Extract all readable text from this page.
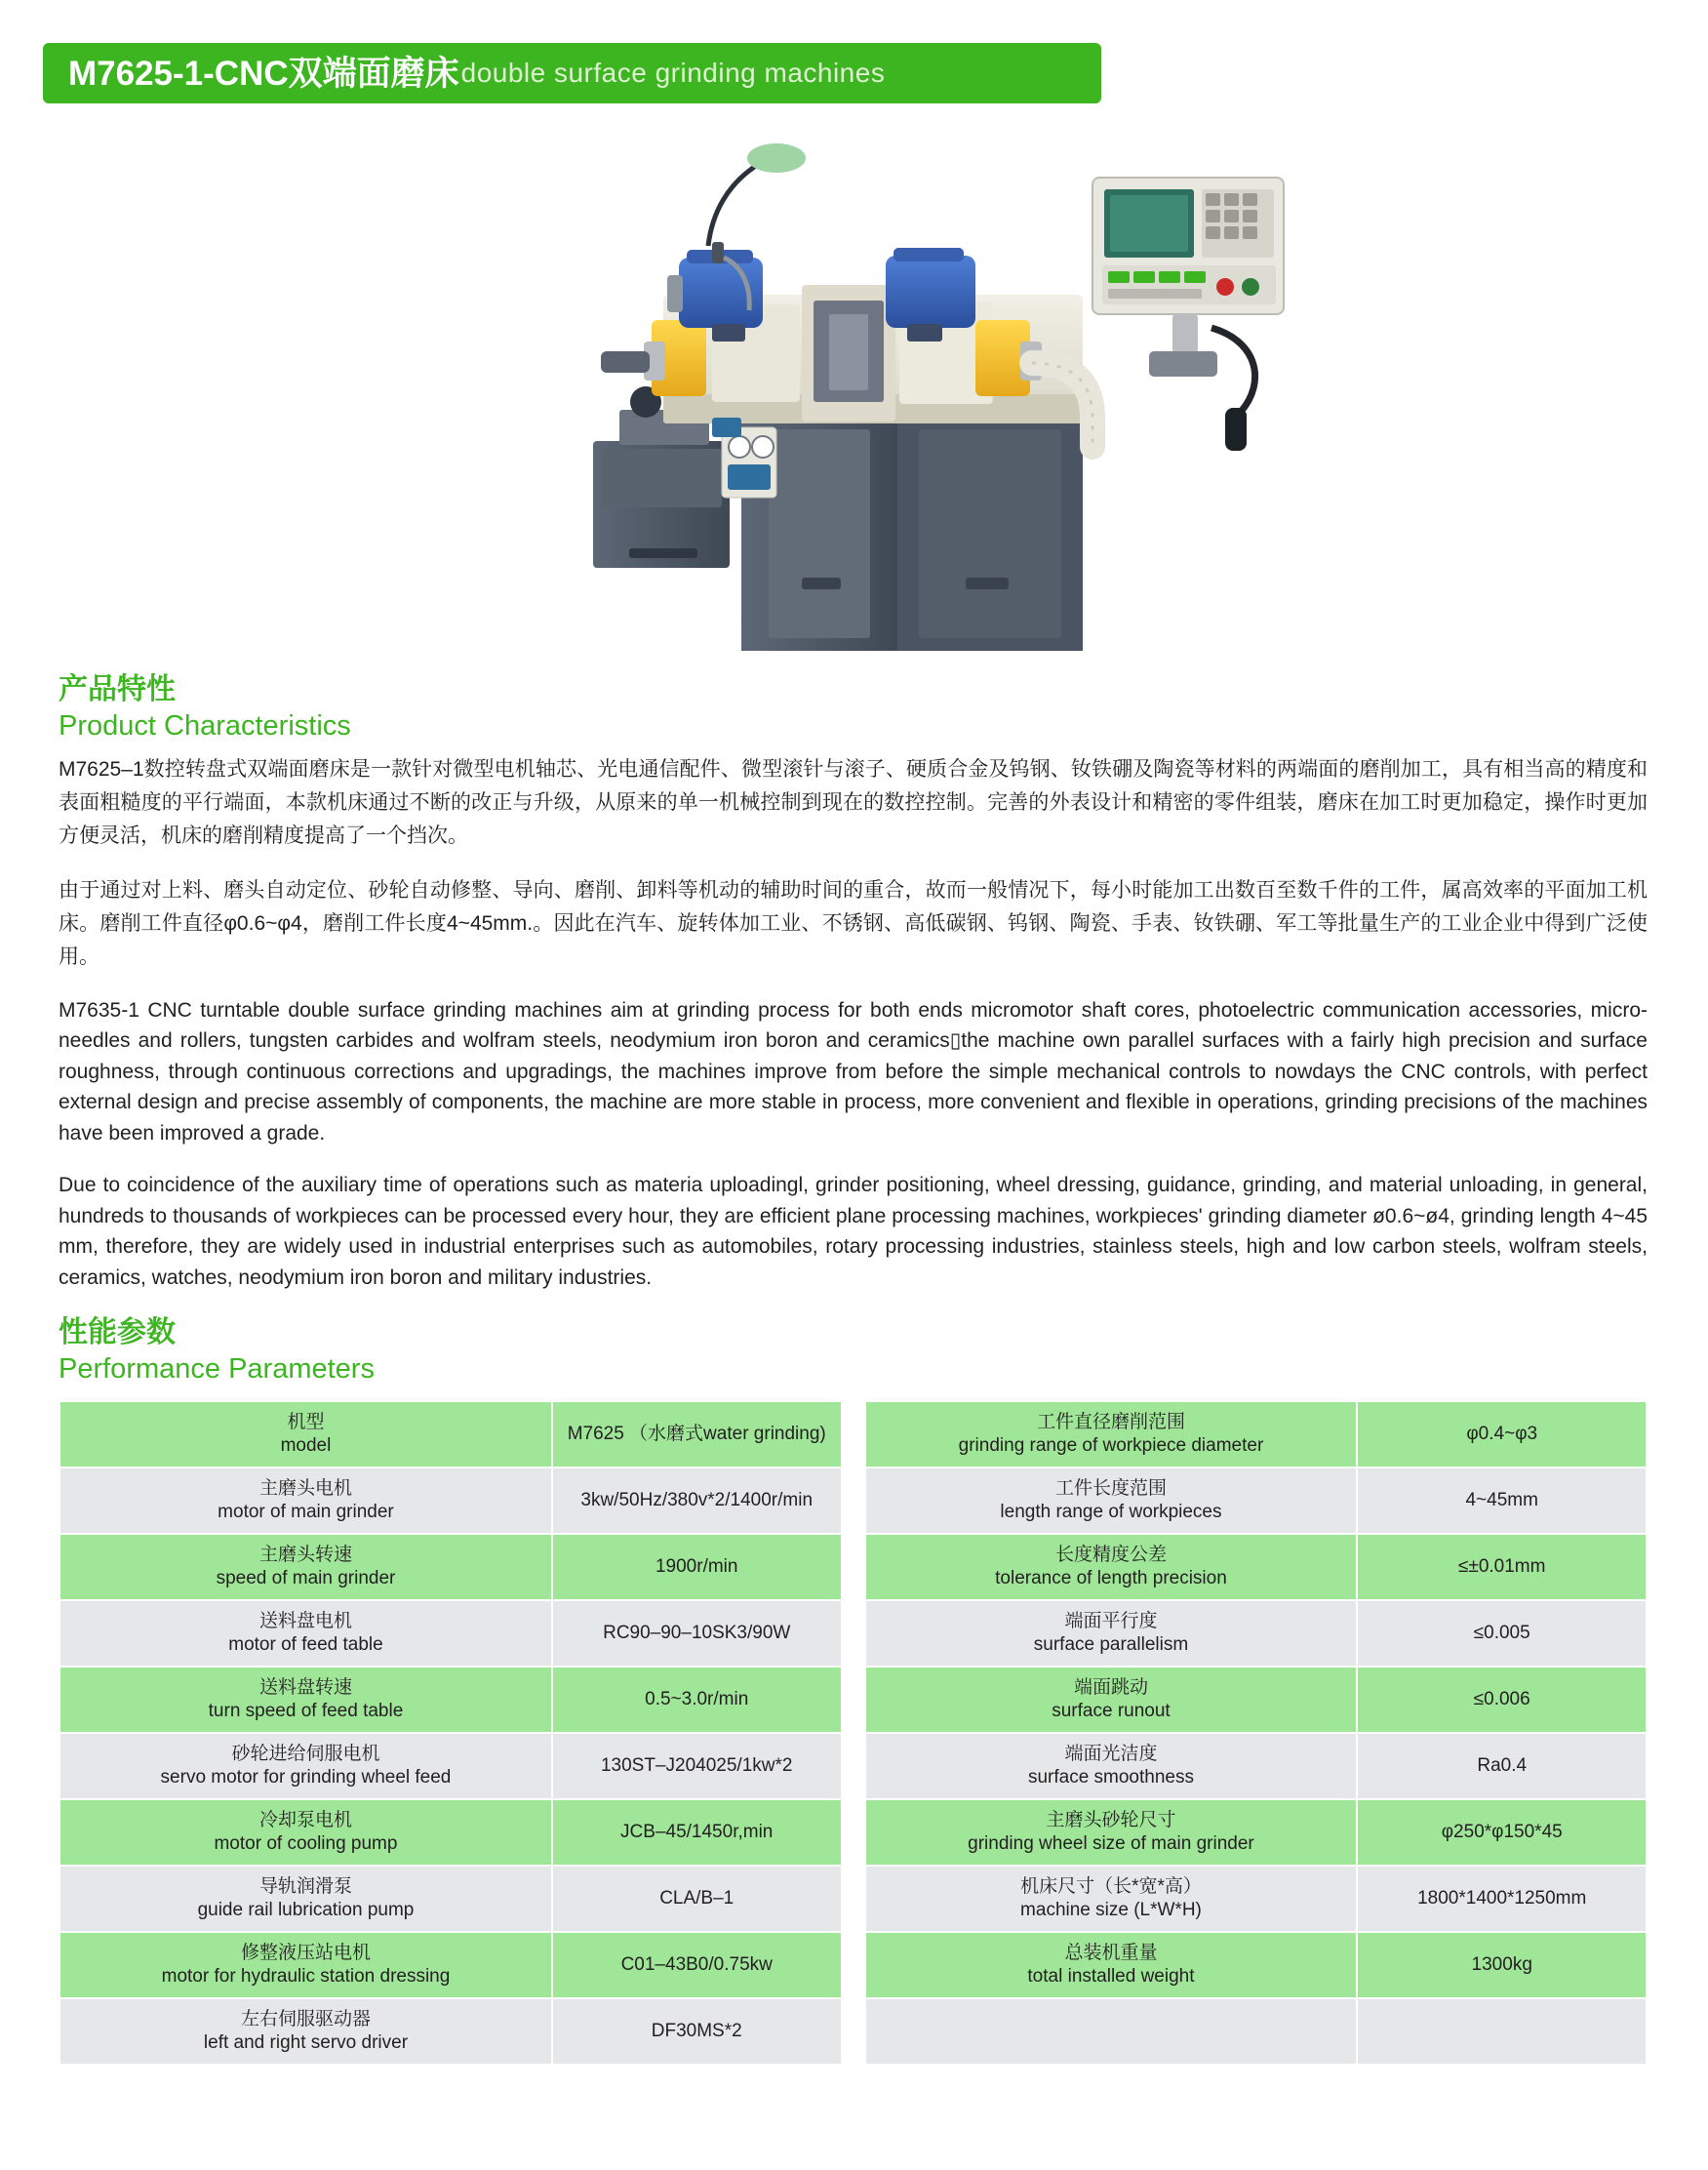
M7625-1-CNC双端面磨床 double surface grinding machines
产品特性
Product Characteristics

M7625–1数控转盘式双端面磨床是一款针对微型电机轴芯、光电通信配件、微型滚针与滚子、硬质合金及钨钢、钕铁硼及陶瓷等材料的两端面的磨削加工，具有相当高的精度和表面粗糙度的平行端面，本款机床通过不断的改正与升级，从原来的单一机械控制到现在的数控控制。完善的外表设计和精密的零件组装，磨床在加工时更加稳定，操作时更加方便灵活，机床的磨削精度提高了一个挡次。

由于通过对上料、磨头自动定位、砂轮自动修整、导向、磨削、卸料等机动的辅助时间的重合，故而一般情况下，每小时能加工出数百至数千件的工件，属高效率的平面加工机床。磨削工件直径φ0.6~φ4，磨削工件长度4~45mm.。因此在汽车、旋转体加工业、不锈钢、高低碳钢、钨钢、陶瓷、手表、钕铁硼、军工等批量生产的工业企业中得到广泛使用。

M7635-1 CNC turntable double surface grinding machines aim at grinding process for both ends micromotor shaft cores, photoelectric communication accessories, micro-needles and rollers, tungsten carbides and wolfram steels, neodymium iron boron and ceramics▯the machine own parallel surfaces with a fairly high precision and surface roughness, through continuous corrections and upgradings, the machines improve from before the simple mechanical controls to nowdays the CNC controls, with perfect external design and precise assembly of components, the machine are more stable in process, more convenient and flexible in operations, grinding precisions of the machines have been improved a grade.

Due to coincidence of the auxiliary time of operations such as materia uploadingl, grinder positioning, wheel dressing, guidance, grinding, and material unloading, in general, hundreds to thousands of workpieces can be processed every hour, they are efficient plane processing machines, workpieces' grinding diameter ø0.6~ø4, grinding length 4~45 mm, therefore, they are widely used in industrial enterprises such as automobiles, rotary processing industries, stainless steels, high and low carbon steels, wolfram steels, ceramics, watches, neodymium iron boron and military industries.

性能参数
Performance Parameters
机型
model	M7625 （水磨式water grinding)

主磨头电机
motor of main grinder	3kw/50Hz/380v*2/1400r/min

主磨头转速
speed of main grinder	1900r/min

送料盘电机
motor of feed table	RC90–90–10SK3/90W

送料盘转速
turn speed of feed table	0.5~3.0r/min

砂轮进给伺服电机
servo motor for grinding wheel feed	130ST–J204025/1kw*2

冷却泵电机
motor of cooling pump	JCB–45/1450r,min

导轨润滑泵
guide rail lubrication pump	CLA/B–1

修整液压站电机
motor for hydraulic station dressing	C01–43B0/0.75kw

左右伺服驱动器
left and right servo driver	DF30MS*2
工件直径磨削范围
grinding range of workpiece diameter	φ0.4~φ3

工件长度范围
length range of workpieces	4~45mm

长度精度公差
tolerance of length precision	≤±0.01mm

端面平行度
surface parallelism	≤0.005

端面跳动
surface runout	≤0.006

端面光洁度
surface smoothness	Ra0.4

主磨头砂轮尺寸
grinding wheel size of main grinder	φ250*φ150*45

机床尺寸（长*宽*高）
machine size (L*W*H)	1800*1400*1250mm

总装机重量
total installed weight	1300kg
